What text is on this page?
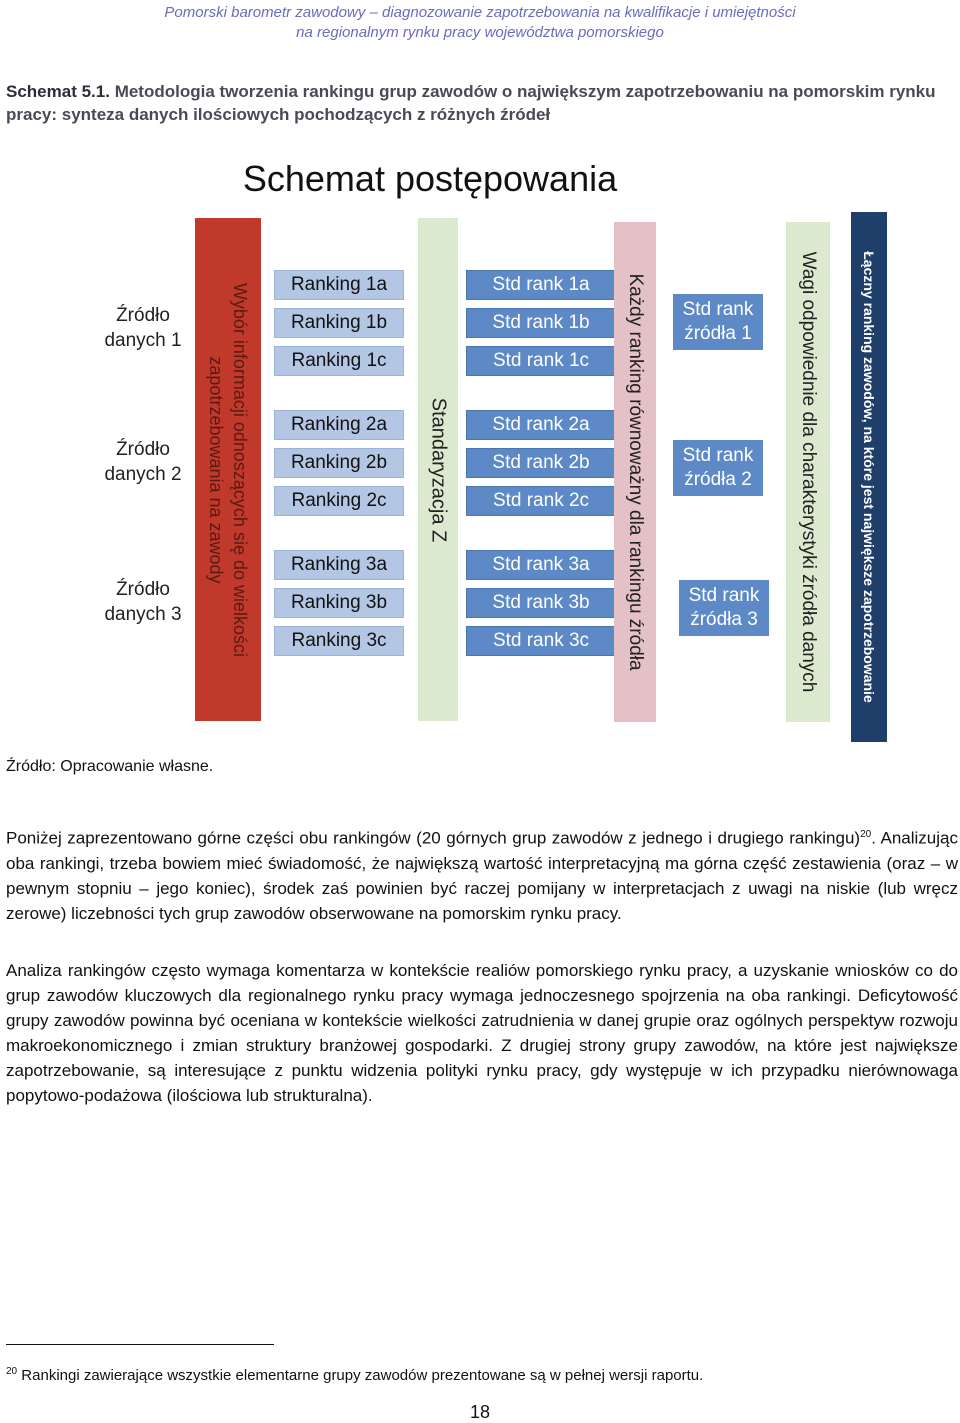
Pomorski barometr zawodowy – diagnozowanie zapotrzebowania na kwalifikacje i umiejętności
na regionalnym rynku pracy województwa pomorskiego
Schemat 5.1. Metodologia tworzenia rankingu grup zawodów o największym zapotrzebowaniu na pomorskim rynku pracy: synteza danych ilościowych pochodzących z różnych źródeł
Schemat postępowania
Źródło danych 1
Źródło danych 2
Źródło danych 3	Wybór informacji odnoszących się do wielkości
zapotrzebowania na zawody
Ranking 1a
Ranking 1b
Ranking 1c
Ranking 2a
Ranking 2b
Ranking 2c
Ranking 3a
Ranking 3b
Ranking 3c
Standaryzacja Z
Std rank 1a
Std rank 1b
Std rank 1c
Std rank 2a
Std rank 2b
Std rank 2c
Std rank 3a
Std rank 3b
Std rank 3c	Każdy ranking równoważny dla rankingu źródła	Std rank
źródła 1
Std rank
źródła 2
Std rank
źródła 3	Wagi odpowiednie dla charakterystyki źródła danych	Łączny ranking zawodów, na które jest największe zapotrzebowanie
Źródło: Opracowanie własne.

Poniżej zaprezentowano górne części obu rankingów (20 górnych grup zawodów z jednego i drugiego rankingu)$^{20}$. Analizując oba rankingi, trzeba bowiem mieć świadomość, że największą wartość interpretacyjną ma górna część zestawienia (oraz – w pewnym stopniu – jego koniec), środek zaś powinien być raczej pomijany w interpretacjach z uwagi na niskie (lub wręcz zerowe) liczebności tych grup zawodów obserwowane na pomorskim rynku pracy.

Analiza rankingów często wymaga komentarza w kontekście realiów pomorskiego rynku pracy, a uzyskanie wniosków co do grup zawodów kluczowych dla regionalnego rynku pracy wymaga jednoczesnego spojrzenia na oba rankingi. Deficytowość grupy zawodów powinna być oceniana w kontekście wielkości zatrudnienia w danej grupie oraz ogólnych perspektyw rozwoju makroekonomicznego i zmian struktury branżowej gospodarki. Z drugiej strony grupy zawodów, na które jest największe zapotrzebowanie, są interesujące z punktu widzenia polityki rynku pracy, gdy występuje w ich przypadku nierównowaga popytowo-podażowa (ilościowa lub strukturalna).

$^{20}$ Rankingi zawierające wszystkie elementarne grupy zawodów prezentowane są w pełnej wersji raportu.
18
